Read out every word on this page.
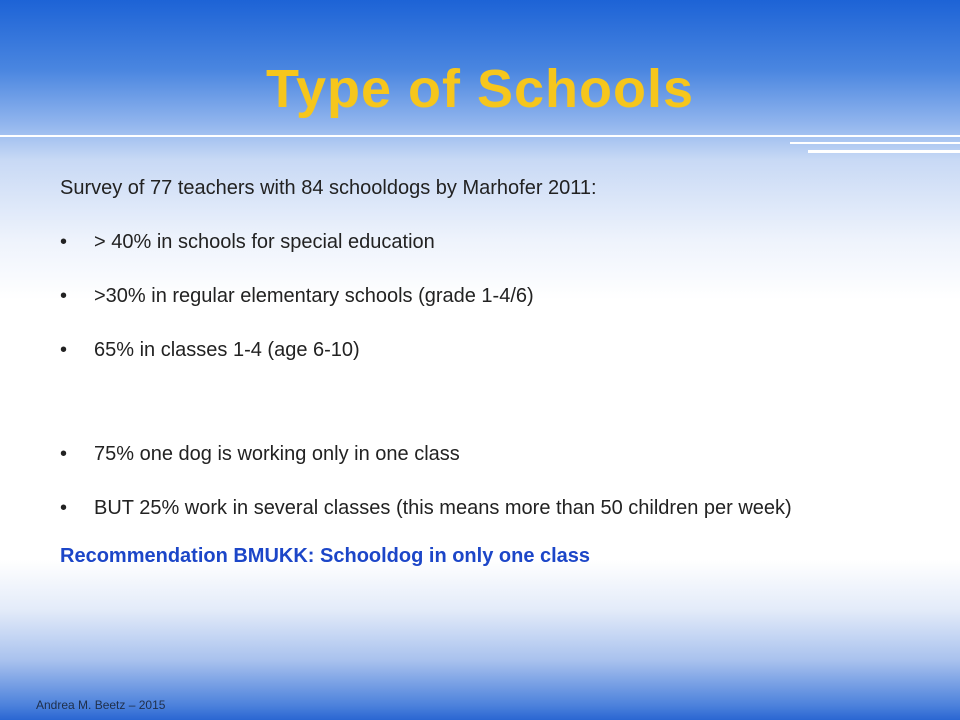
Type of Schools

Survey of 77 teachers with 84 schooldogs by Marhofer 2011:

• > 40% in schools for special education
• >30% in regular elementary schools (grade 1-4/6)
• 65% in classes 1-4 (age 6-10)
• 75% one dog is working only in one class
• BUT 25% work in several classes (this means more than 50 children per week)

Recommendation BMUKK: Schooldog in only one class

Andrea M. Beetz – 2015
